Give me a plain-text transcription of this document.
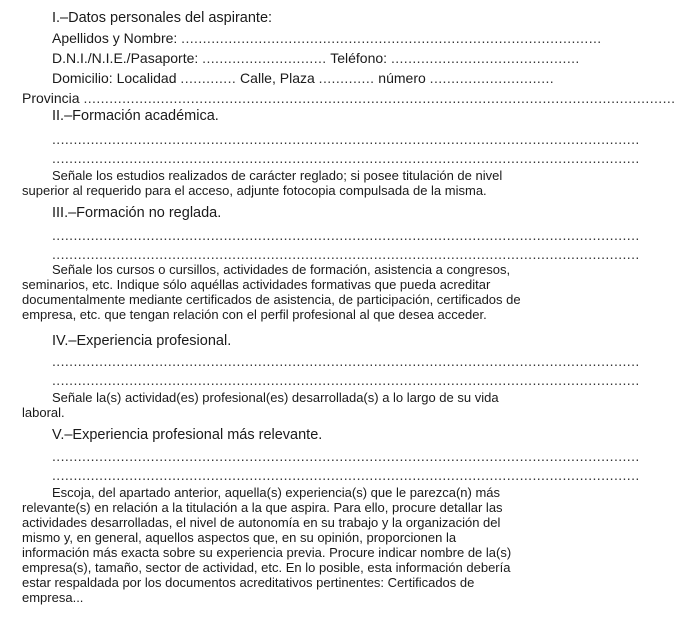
I.–Datos personales del aspirante:
Apellidos y Nombre: ..................................................................................................
D.N.I./N.I.E./Pasaporte: ............................. Teléfono: ............................................
Domicilio: Localidad ............. Calle, Plaza ............. número .............................
Provincia ..........................................................................................................................................
II.–Formación académica.
.........................................................................................................................................
.........................................................................................................................................
Señale los estudios realizados de carácter reglado; si posee titulación de nivel superior al requerido para el acceso, adjunte fotocopia compulsada de la misma.
III.–Formación no reglada.
.........................................................................................................................................
.........................................................................................................................................
Señale los cursos o cursillos, actividades de formación, asistencia a congresos, seminarios, etc. Indique sólo aquéllas actividades formativas que pueda acreditar documentalmente mediante certificados de asistencia, de participación, certificados de empresa, etc. que tengan relación con el perfil profesional al que desea acceder.
IV.–Experiencia profesional.
.........................................................................................................................................
.........................................................................................................................................
Señale la(s) actividad(es) profesional(es) desarrollada(s) a lo largo de su vida laboral.
V.–Experiencia profesional más relevante.
.........................................................................................................................................
.........................................................................................................................................
Escoja, del apartado anterior, aquella(s) experiencia(s) que le parezca(n) más relevante(s) en relación a la titulación a la que aspira. Para ello, procure detallar las actividades desarrolladas, el nivel de autonomía en su trabajo y la organización del mismo y, en general, aquellos aspectos que, en su opinión, proporcionen la información más exacta sobre su experiencia previa. Procure indicar nombre de la(s) empresa(s), tamaño, sector de actividad, etc. En lo posible, esta información debería estar respaldada por los documentos acreditativos pertinentes: Certificados de empresa...
